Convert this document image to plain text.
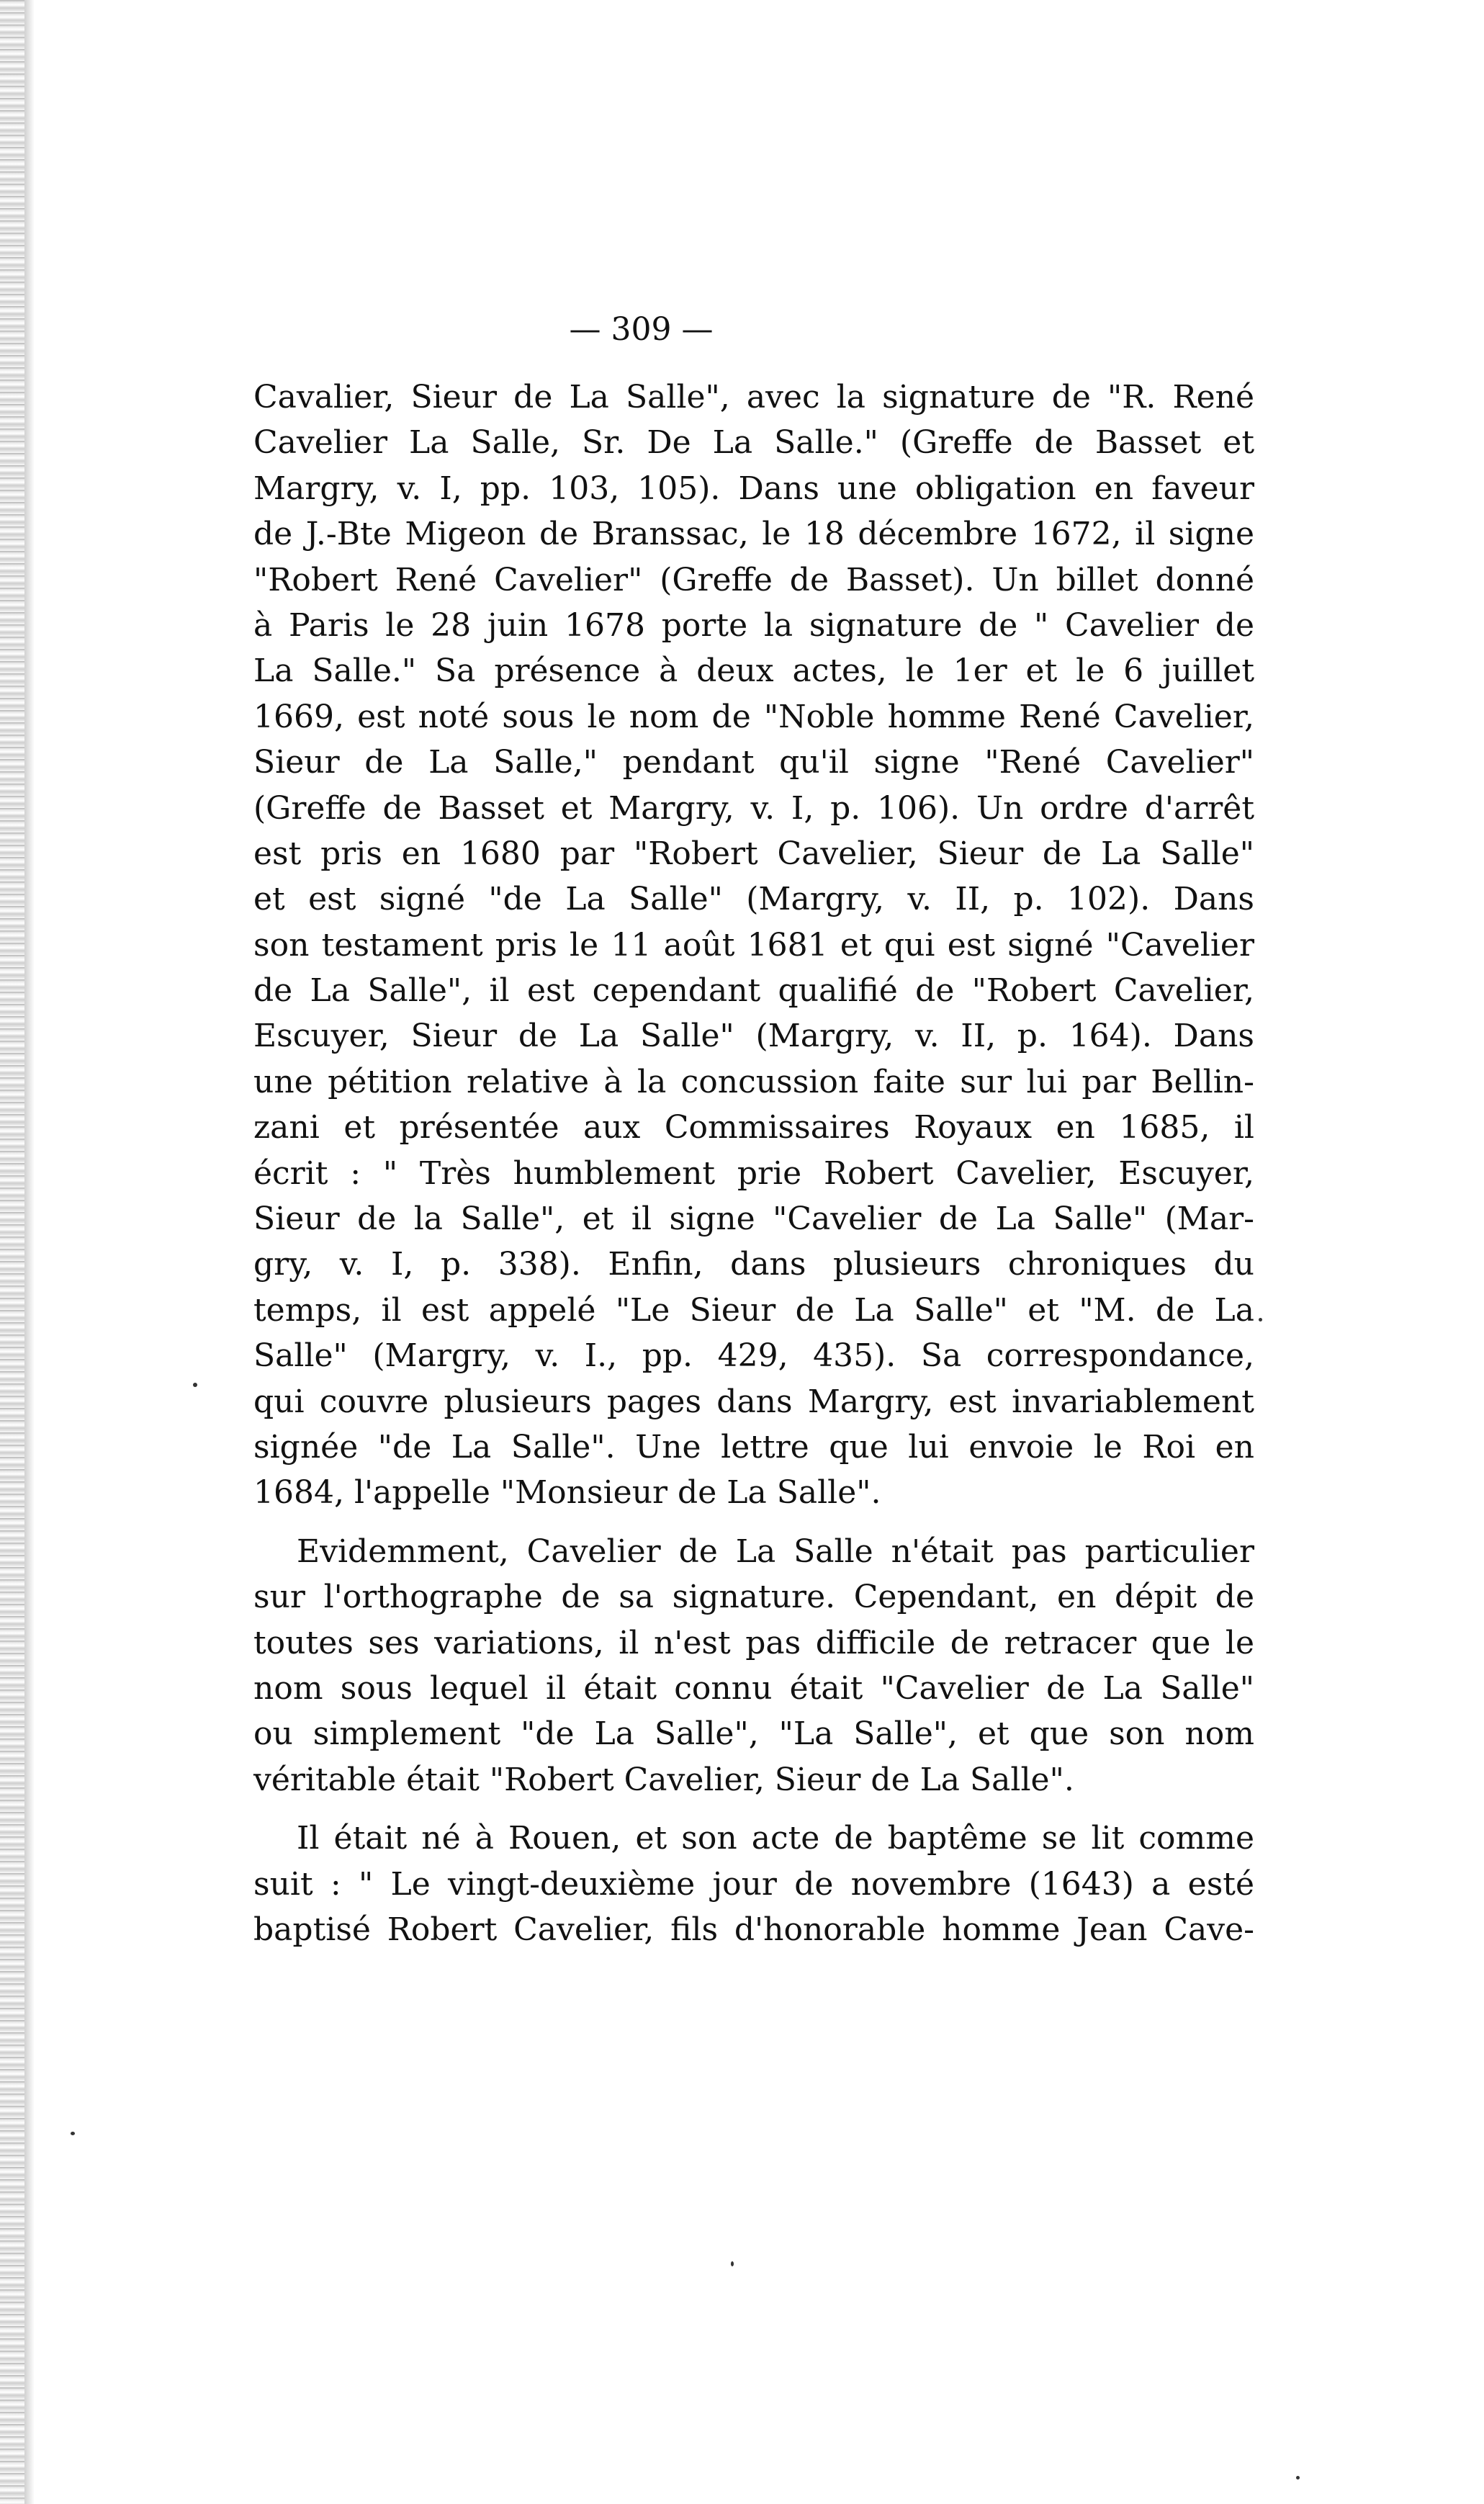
— 309 —
Cavalier, Sieur de La Salle", avec la signature de "R. René
Cavelier La Salle, Sr. De La Salle." (Greffe de Basset et
Margry, v. I, pp. 103, 105). Dans une obligation en faveur
de J.-Bte Migeon de Branssac, le 18 décembre 1672, il signe
"Robert René Cavelier" (Greffe de Basset). Un billet donné
à Paris le 28 juin 1678 porte la signature de " Cavelier de
La Salle." Sa présence à deux actes, le 1er et le 6 juillet
1669, est noté sous le nom de "Noble homme René Cavelier,
Sieur de La Salle," pendant qu'il signe "René Cavelier"
(Greffe de Basset et Margry, v. I, p. 106). Un ordre d'arrêt
est pris en 1680 par "Robert Cavelier, Sieur de La Salle"
et est signé "de La Salle" (Margry, v. II, p. 102). Dans
son testament pris le 11 août 1681 et qui est signé "Cavelier
de La Salle", il est cependant qualifié de "Robert Cavelier,
Escuyer, Sieur de La Salle" (Margry, v. II, p. 164). Dans
une pétition relative à la concussion faite sur lui par Bellin-
zani et présentée aux Commissaires Royaux en 1685, il
écrit : " Très humblement prie Robert Cavelier, Escuyer,
Sieur de la Salle", et il signe "Cavelier de La Salle" (Mar-
gry, v. I, p. 338). Enfin, dans plusieurs chroniques du
temps, il est appelé "Le Sieur de La Salle" et "M. de La
Salle" (Margry, v. I., pp. 429, 435). Sa correspondance,
qui couvre plusieurs pages dans Margry, est invariablement
signée "de La Salle". Une lettre que lui envoie le Roi en
1684, l'appelle "Monsieur de La Salle".
Evidemment, Cavelier de La Salle n'était pas particulier
sur l'orthographe de sa signature. Cependant, en dépit de
toutes ses variations, il n'est pas difficile de retracer que le
nom sous lequel il était connu était "Cavelier de La Salle"
ou simplement "de La Salle", "La Salle", et que son nom
véritable était "Robert Cavelier, Sieur de La Salle".
Il était né à Rouen, et son acte de baptême se lit comme
suit : " Le vingt-deuxième jour de novembre (1643) a esté
baptisé Robert Cavelier, fils d'honorable homme Jean Cave-
